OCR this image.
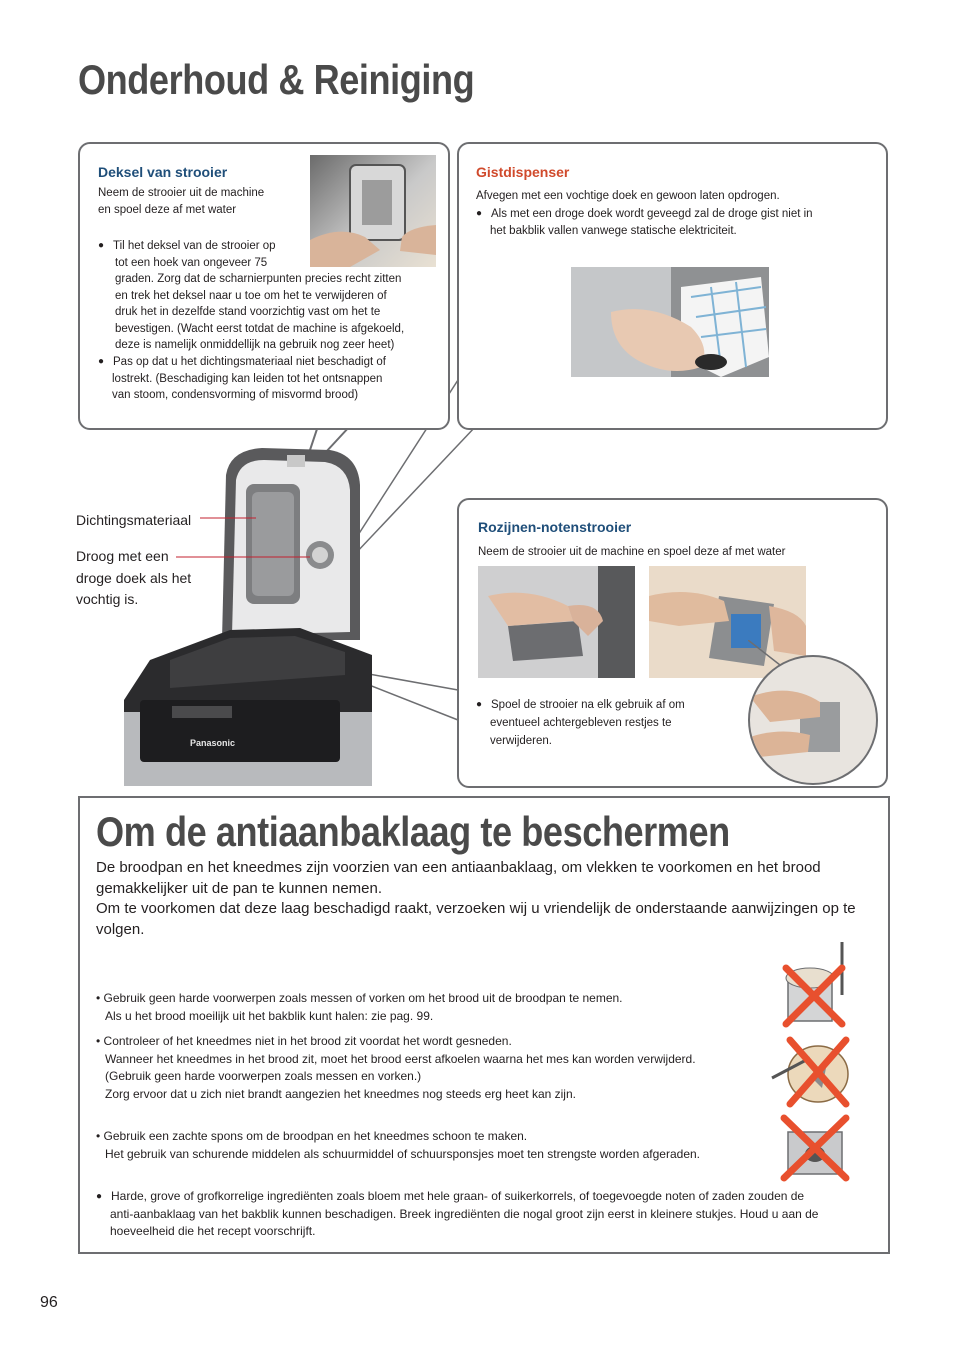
Onderhoud & Reiniging
Panasonic
Deksel van strooier
Neem de strooier uit de machine
en spoel deze af met water
● Til het deksel van de strooier op
tot een hoek van ongeveer 75
graden. Zorg dat de scharnierpunten precies recht zitten
en trek het deksel naar u toe om het te verwijderen of
druk het in dezelfde stand voorzichtig vast om het te
bevestigen. (Wacht eerst totdat de machine is afgekoeld,
deze is namelijk onmiddellijk na gebruik nog zeer heet)
● Pas op dat u het dichtingsmateriaal niet beschadigt of
lostrekt. (Beschadiging kan leiden tot het ontsnappen
van stoom, condensvorming of misvormd brood)
Gistdispenser
Afvegen met een vochtige doek en gewoon laten opdrogen.
● Als met een droge doek wordt geveegd zal de droge gist niet in
het bakblik vallen vanwege statische elektriciteit.
Rozijnen-notenstrooier
Neem de strooier uit de machine en spoel deze af met water
● Spoel de strooier na elk gebruik af om
eventueel achtergebleven restjes te
verwijderen.
Dichtingsmateriaal
Droog met een
droge doek als het
vochtig is.
Om de antiaanbaklaag te beschermen
De broodpan en het kneedmes zijn voorzien van een antiaanbaklaag, om vlekken te voorkomen en het brood
gemakkelijker uit de pan te kunnen nemen.
Om te voorkomen dat deze laag beschadigd raakt, verzoeken wij u vriendelijk de onderstaande aanwijzingen op te
volgen.
• Gebruik geen harde voorwerpen zoals messen of vorken om het brood uit de broodpan te nemen.
Als u het brood moeilijk uit het bakblik kunt halen: zie pag. 99.
• Controleer of het kneedmes niet in het brood zit voordat het wordt gesneden.
Wanneer het kneedmes in het brood zit, moet het brood eerst afkoelen waarna het mes kan worden verwijderd.
(Gebruik geen harde voorwerpen zoals messen en vorken.)
Zorg ervoor dat u zich niet brandt aangezien het kneedmes nog steeds erg heet kan zijn.
• Gebruik een zachte spons om de broodpan en het kneedmes schoon te maken.
Het gebruik van schurende middelen als schuurmiddel of schuursponsjes moet ten strengste worden afgeraden.
● Harde, grove of grofkorrelige ingrediënten zoals bloem met hele graan- of suikerkorrels, of toegevoegde noten of zaden zouden de
anti-aanbaklaag van het bakblik kunnen beschadigen. Breek ingrediënten die nogal groot zijn eerst in kleinere stukjes. Houd u aan de
hoeveelheid die het recept voorschrijft.
96
